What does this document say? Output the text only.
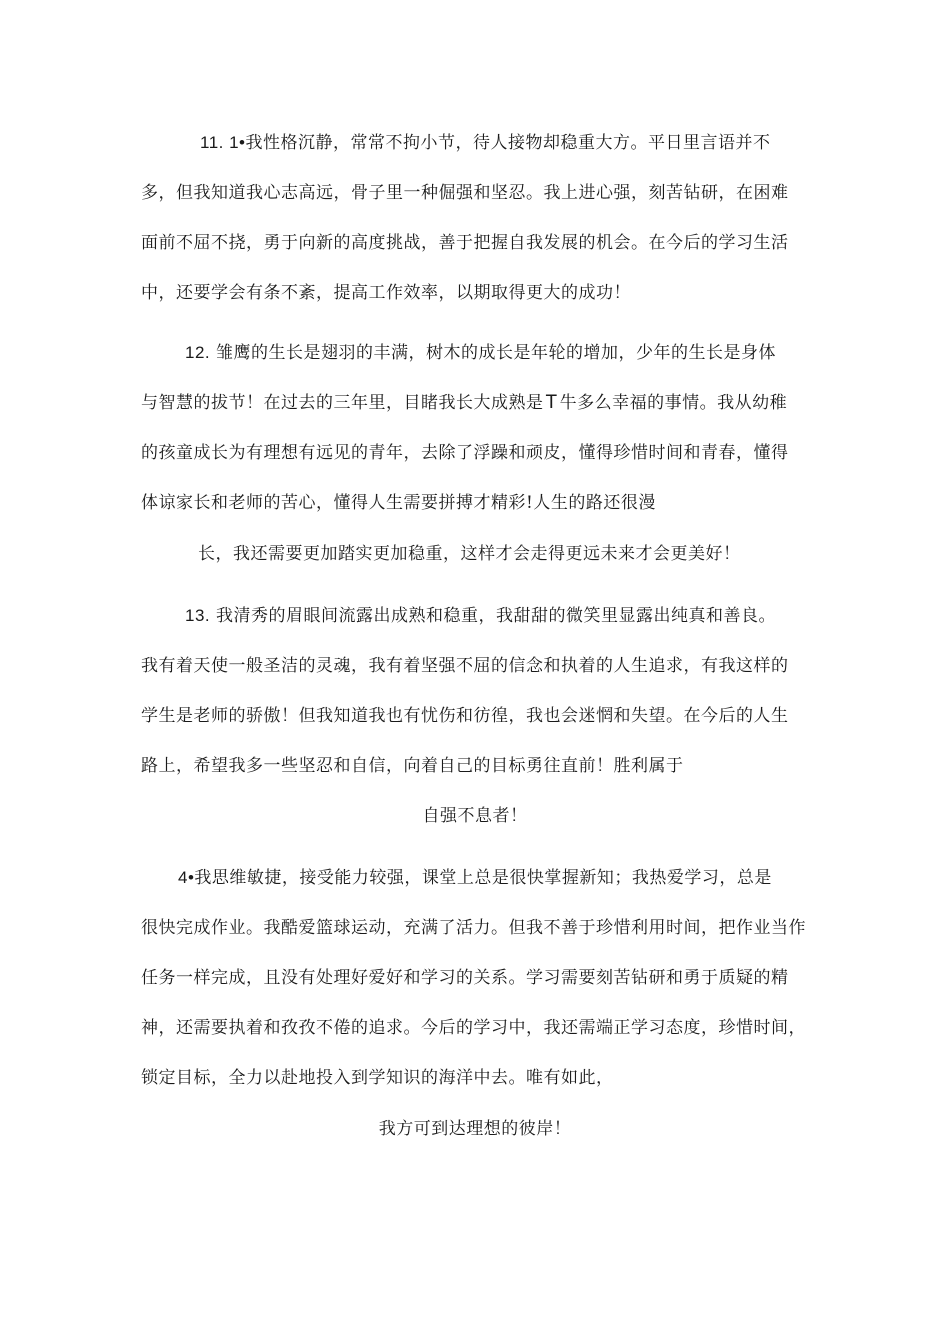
11. 1•我性格沉静，常常不拘小节，待人接物却稳重大方。平日里言语并不
多，但我知道我心志高远，骨子里一种倔强和坚忍。我上进心强，刻苦钻研，在困难
面前不屈不挠，勇于向新的高度挑战，善于把握自我发展的机会。在今后的学习生活
中，还要学会有条不紊，提高工作效率，以期取得更大的成功！
12. 雏鹰的生长是翅羽的丰满，树木的成长是年轮的增加，少年的生长是身体
与智慧的拔节！在过去的三年里，目睹我长大成熟是 T 牛多么幸福的事情。我从幼稚
的孩童成长为有理想有远见的青年，去除了浮躁和顽皮，懂得珍惜时间和青春，懂得
体谅家长和老师的苦心，懂得人生需要拼搏才精彩!人生的路还很漫
长，我还需要更加踏实更加稳重，这样才会走得更远未来才会更美好！
13. 我清秀的眉眼间流露出成熟和稳重，我甜甜的微笑里显露出纯真和善良。
我有着天使一般圣洁的灵魂，我有着坚强不屈的信念和执着的人生追求，有我这样的
学生是老师的骄傲！但我知道我也有忧伤和彷徨，我也会迷惘和失望。在今后的人生
路上，希望我多一些坚忍和自信，向着自己的目标勇往直前！胜利属于
自强不息者！
4•我思维敏捷，接受能力较强，课堂上总是很快掌握新知；我热爱学习，总是
很快完成作业。我酷爱篮球运动，充满了活力。但我不善于珍惜利用时间，把作业当作
任务一样完成，且没有处理好爱好和学习的关系。学习需要刻苦钻研和勇于质疑的精
神，还需要执着和孜孜不倦的追求。今后的学习中，我还需端正学习态度，珍惜时间，
锁定目标，全力以赴地投入到学知识的海洋中去。唯有如此，
我方可到达理想的彼岸！
